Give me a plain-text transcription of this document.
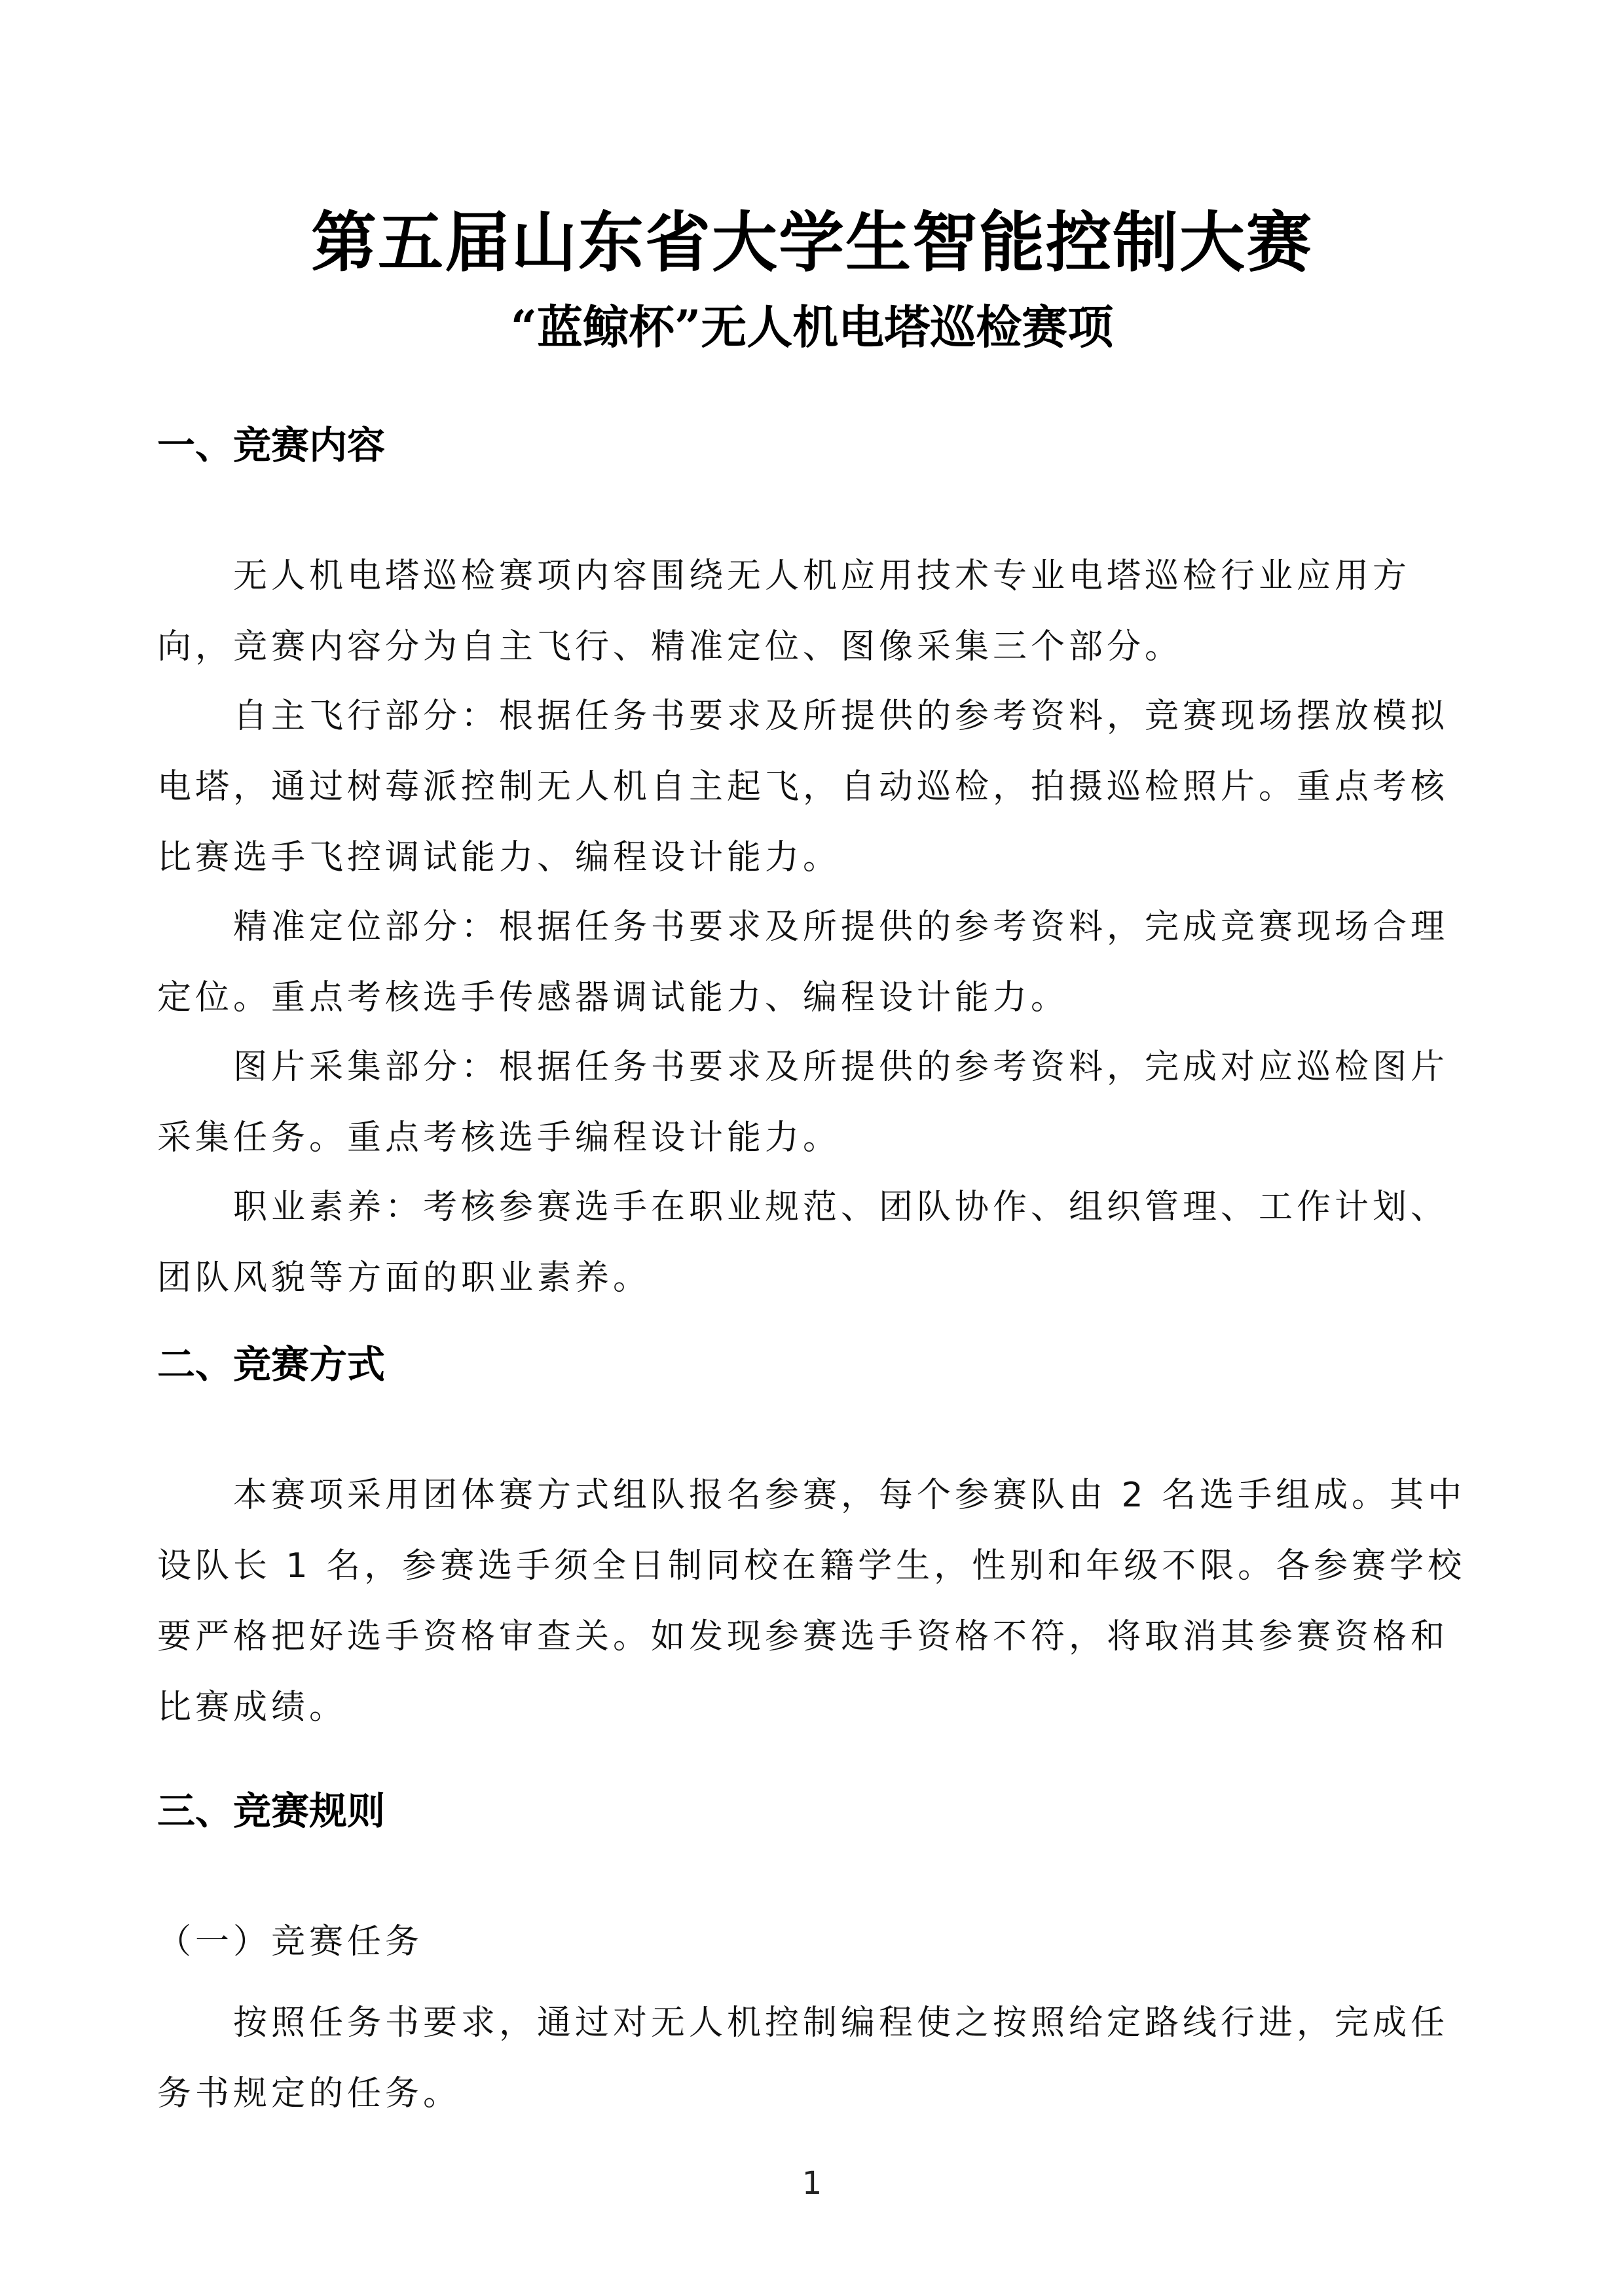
第五届山东省大学生智能控制大赛
“蓝鲸杯”无人机电塔巡检赛项
一、竞赛内容
无人机电塔巡检赛项内容围绕无人机应用技术专业电塔巡检行业应用方向，竞赛内容分为自主飞行、精准定位、图像采集三个部分。
自主飞行部分：根据任务书要求及所提供的参考资料，竞赛现场摆放模拟电塔，通过树莓派控制无人机自主起飞，自动巡检，拍摄巡检照片。重点考核比赛选手飞控调试能力、编程设计能力。
精准定位部分：根据任务书要求及所提供的参考资料，完成竞赛现场合理定位。重点考核选手传感器调试能力、编程设计能力。
图片采集部分：根据任务书要求及所提供的参考资料，完成对应巡检图片采集任务。重点考核选手编程设计能力。
职业素养：考核参赛选手在职业规范、团队协作、组织管理、工作计划、团队风貌等方面的职业素养。
二、竞赛方式
本赛项采用团体赛方式组队报名参赛，每个参赛队由 2 名选手组成。其中设队长 1 名，参赛选手须全日制同校在籍学生，性别和年级不限。各参赛学校要严格把好选手资格审查关。如发现参赛选手资格不符，将取消其参赛资格和比赛成绩。
三、竞赛规则
（一）竞赛任务
按照任务书要求，通过对无人机控制编程使之按照给定路线行进，完成任务书规定的任务。
1
